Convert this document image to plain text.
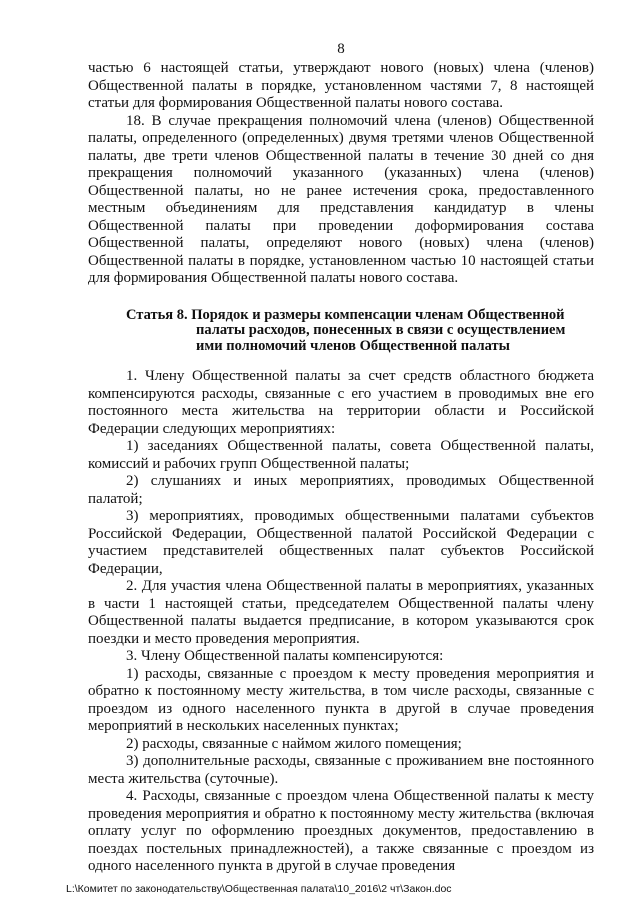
8

частью 6 настоящей статьи, утверждают нового (новых) члена (членов) Общественной палаты в порядке, установленном частями 7, 8 настоящей статьи для формирования Общественной палаты нового состава.

18. В случае прекращения полномочий члена (членов) Общественной палаты, определенного (определенных) двумя третями членов Общественной палаты, две трети членов Общественной палаты в течение 30 дней со дня прекращения полномочий указанного (указанных) члена (членов) Общественной палаты, но не ранее истечения срока, предоставленного местным объединениям для представления кандидатур в члены Общественной палаты при проведении доформирования состава Общественной палаты, определяют нового (новых) члена (членов) Общественной палаты в порядке, установленном частью 10 настоящей статьи для формирования Общественной палаты нового состава.

Статья 8. Порядок и размеры компенсации членам Общественной
палаты расходов, понесенных в связи с осуществлением ими полномочий членов Общественной палаты

1. Члену Общественной палаты за счет средств областного бюджета компенсируются расходы, связанные с его участием в проводимых вне его постоянного места жительства на территории области и Российской Федерации следующих мероприятиях:

1) заседаниях Общественной палаты, совета Общественной палаты, комиссий и рабочих групп Общественной палаты;

2) слушаниях и иных мероприятиях, проводимых Общественной палатой;

3) мероприятиях, проводимых общественными палатами субъектов Российской Федерации, Общественной палатой Российской Федерации с участием представителей общественных палат субъектов Российской Федерации,

2. Для участия члена Общественной палаты в мероприятиях, указанных в части 1 настоящей статьи, председателем Общественной палаты члену Общественной палаты выдается предписание, в котором указываются срок поездки и место проведения мероприятия.

3. Члену Общественной палаты компенсируются:

1) расходы, связанные с проездом к месту проведения мероприятия и обратно к постоянному месту жительства, в том числе расходы, связанные с проездом из одного населенного пункта в другой в случае проведения мероприятий в нескольких населенных пунктах;

2) расходы, связанные с наймом жилого помещения;

3) дополнительные расходы, связанные с проживанием вне постоянного места жительства (суточные).

4. Расходы, связанные с проездом члена Общественной палаты к месту проведения мероприятия и обратно к постоянному месту жительства (включая оплату услуг по оформлению проездных документов, предоставлению в поездах постельных принадлежностей), а также связанные с проездом из одного населенного пункта в другой в случае проведения

L:\Комитет по законодательству\Общественная палата\10_2016\2 чт\Закон.doc
